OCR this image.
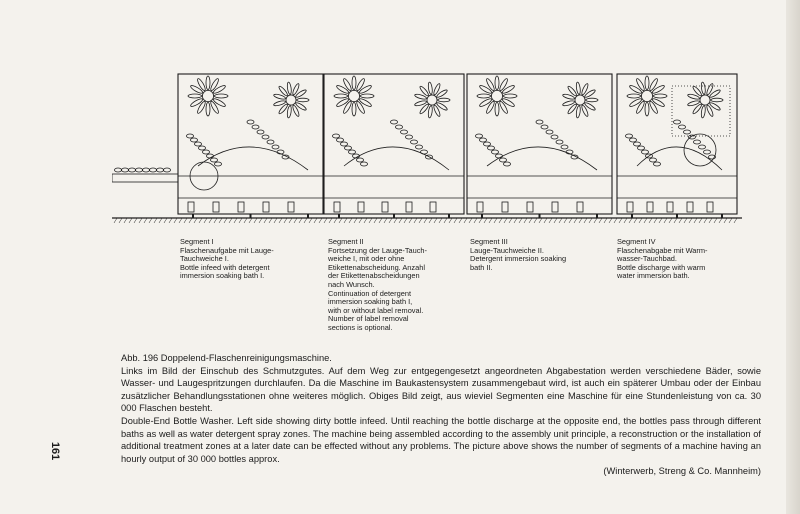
Segment I
Flaschenaufgabe mit Lauge-
Tauchweiche I.
Bottle infeed with detergent
immersion soaking bath I.
Segment II
Fortsetzung der Lauge-Tauch-
weiche I, mit oder ohne
Etikettenabscheidung. Anzahl
der Etikettenabscheidungen
nach Wunsch.
Continuation of detergent
immersion soaking bath I,
with or without label removal.
Number of label removal
sections is optional.
Segment III
Lauge-Tauchweiche II.
Detergent immersion soaking
bath II.
Segment IV
Flaschenabgabe mit Warm-
wasser-Tauchbad.
Bottle discharge with warm
water immersion bath.

Abb. 196 Doppelend-Flaschenreinigungsmaschine.

Links im Bild der Einschub des Schmutzgutes. Auf dem Weg zur entgegengesetzt angeordneten Abgabestation werden verschiedene Bäder, sowie Wasser- und Laugespritzungen durchlaufen. Da die Maschine im Baukastensystem zusammengebaut wird, ist auch ein späterer Umbau oder der Einbau zusätzlicher Behandlungsstationen ohne weiteres möglich. Obiges Bild zeigt, aus wieviel Segmenten eine Maschine für eine Stundenleistung von ca. 30 000 Flaschen besteht.

Double-End Bottle Washer. Left side showing dirty bottle infeed. Until reaching the bottle discharge at the opposite end, the bottles pass through different baths as well as water detergent spray zones. The machine being assembled according to the assembly unit principle, a reconstruction or the installation of additional treatment zones at a later date can be effected without any problems. The picture above shows the number of segments of a machine having an hourly output of 30 000 bottles approx.

(Winterwerb, Streng & Co. Mannheim)

161
